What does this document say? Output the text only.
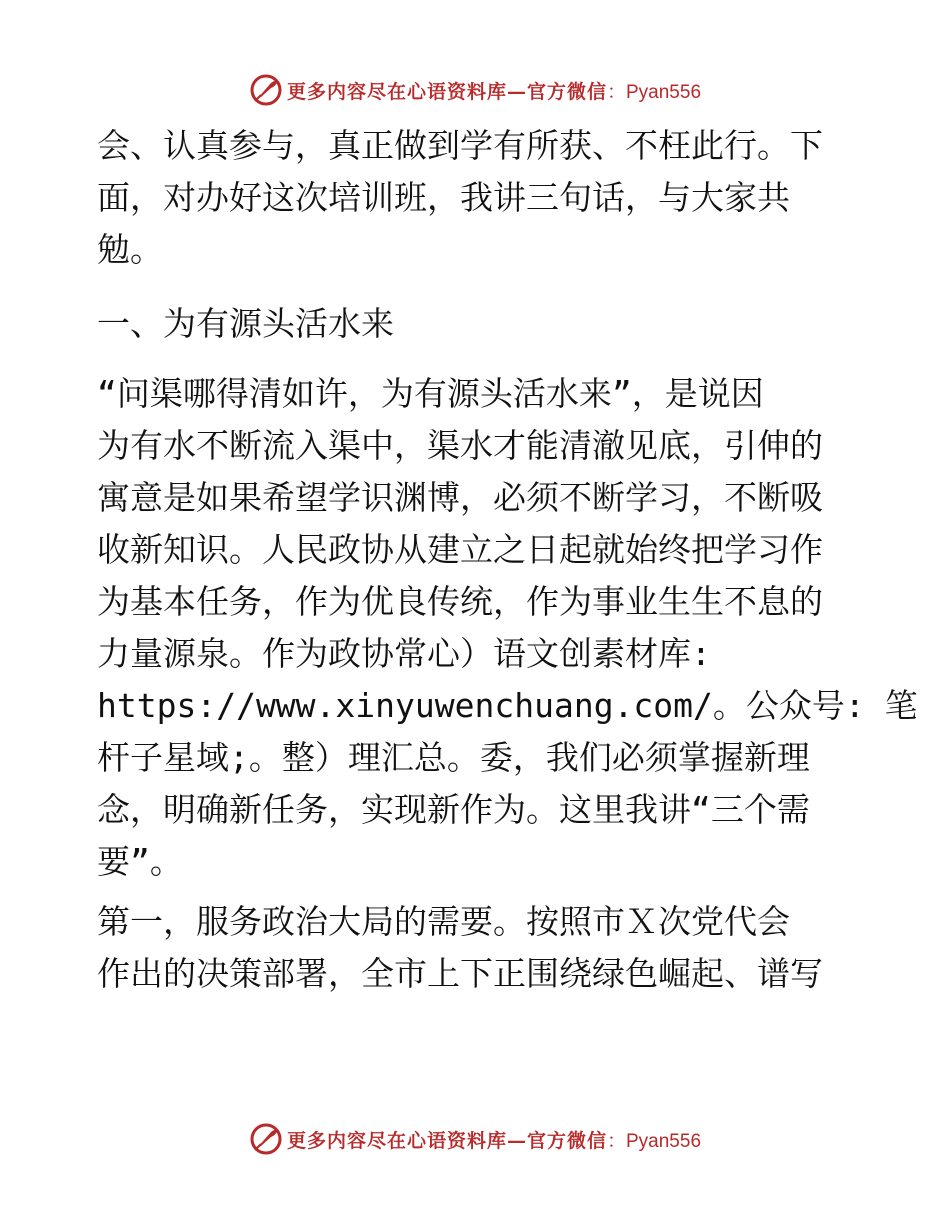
更多内容尽在心语资料库—官方微信 ：Pyan556

会、认真参与，真正做到学有所获、不枉此行。下

面，对办好这次培训班，我讲三句话，与大家共

勉。

一、为有源头活水来

“问渠哪得清如许，为有源头活水来”，是说因

为有水不断流入渠中，渠水才能清澈见底，引伸的

寓意是如果希望学识渊博，必须不断学习，不断吸

收新知识。人民政协从建立之日起就始终把学习作

为基本任务，作为优良传统，作为事业生生不息的

力量源泉。作为政协常心）语文创素材库:

https://www.xinyuwenchuang.com/。公众号: 笔

杆子星域;。整）理汇总。委，我们必须掌握新理

念，明确新任务，实现新作为。这里我讲“三个需

要”。

第一，服务政治大局的需要。按照市Ｘ次党代会

作出的决策部署，全市上下正围绕绿色崛起、谱写

更多内容尽在心语资料库—官方微信 ：Pyan556
